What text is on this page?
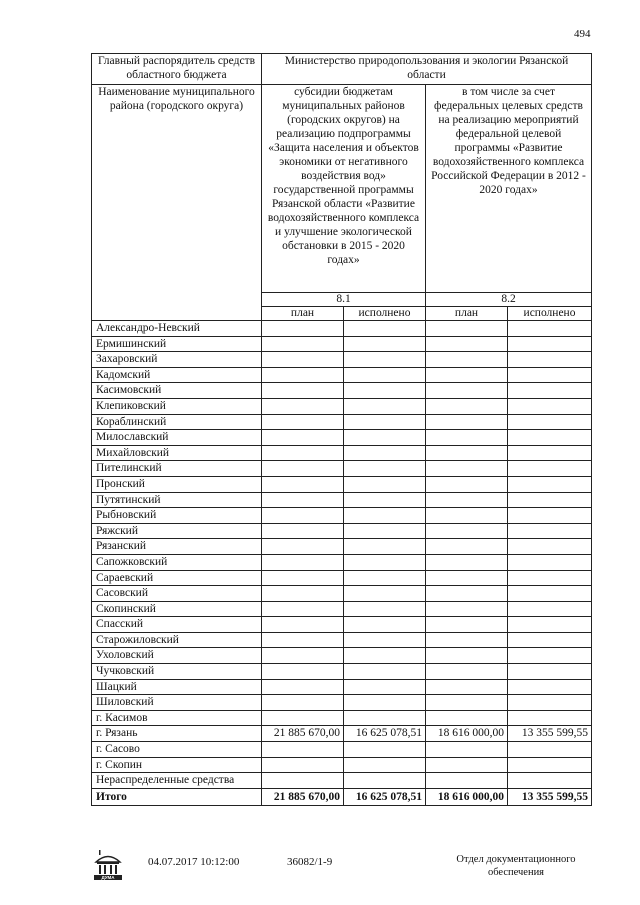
494
Главный распорядитель средств областного бюджета	Министерство природопользования и экологии Рязанской области			
Наименование муниципального района (городского округа)	субсидии бюджетам муниципальных районов (городских округов) на реализацию подпрограммы «Защита населения и объектов экономики от негативного воздействия вод» государственной программы Рязанской области «Развитие водохозяйственного комплекса и улучшение экологической обстановки в 2015 - 2020 годах»		в том числе за счет федеральных целевых средств на реализацию мероприятий федеральной целевой программы «Развитие водохозяйственного комплекса Российской Федерации в 2012 - 2020 годах»	
	8.1		8.2	
	план	исполнено	план	исполнено
Александро-Невский				
Ермишинский				
Захаровский				
Кадомский				
Касимовский				
Клепиковский				
Кораблинский				
Милославский				
Михайловский				
Пителинский				
Пронский				
Путятинский				
Рыбновский				
Ряжский				
Рязанский				
Сапожковский				
Сараевский				
Сасовский				
Скопинский				
Спасский				
Старожиловский				
Ухоловский				
Чучковский				
Шацкий				
Шиловский				
г. Касимов				
г. Рязань	21 885 670,00	16 625 078,51	18 616 000,00	13 355 599,55
г. Сасово				
г. Скопин				
Нераспределенные средства				
Итого	21 885 670,00	16 625 078,51	18 616 000,00	13 355 599,55
ДУМА
04.07.2017 10:12:00	36082/1-9	Отдел документационного обеспечения
